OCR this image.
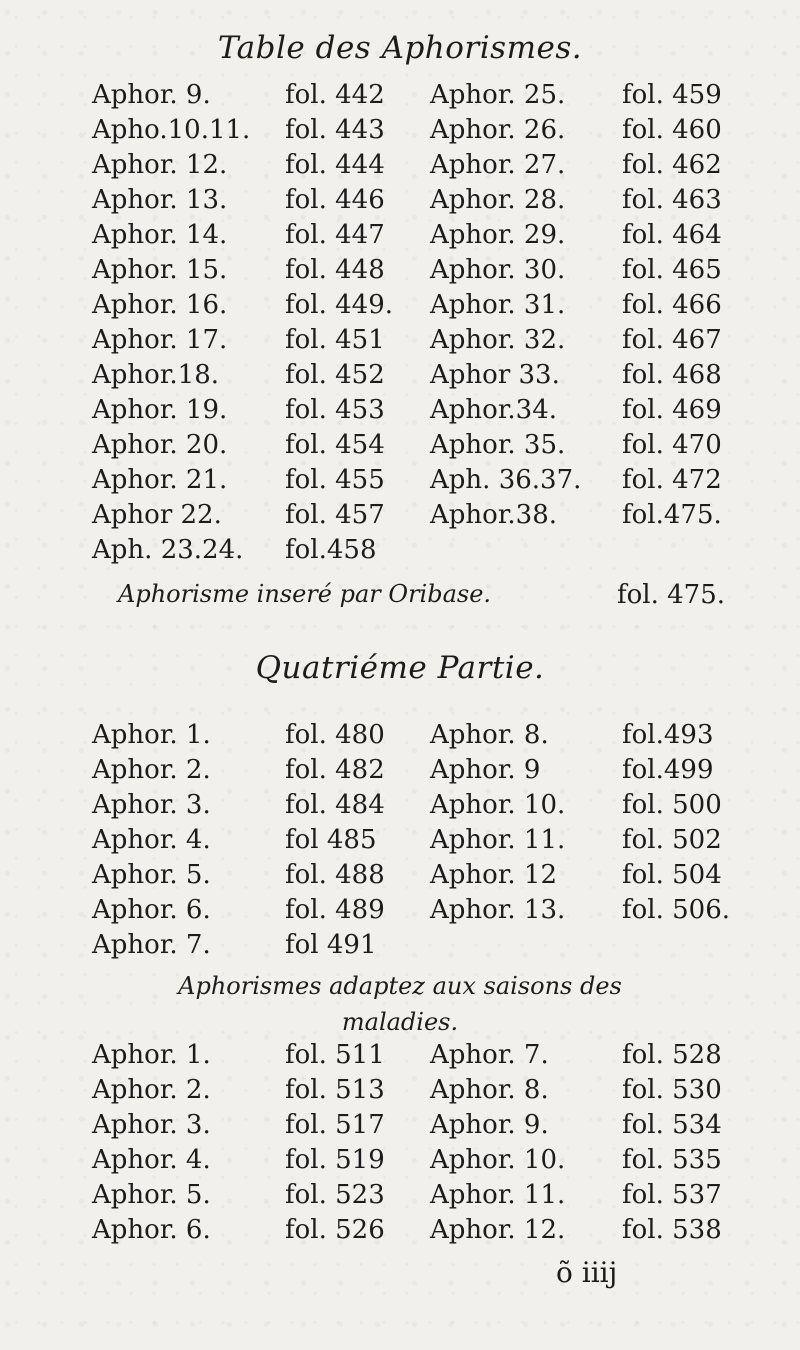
Table des Aphorismes.
Aphor. 9.	fol. 442 Aphor. 25. fol. 459
Apho.10.11. fol. 443 Aphor. 26. fol. 460
Aphor. 12. fol. 444 Aphor. 27. fol. 462
Aphor. 13. fol. 446 Aphor. 28. fol. 463
Aphor. 14. fol. 447 Aphor. 29. fol. 464
Aphor. 15. fol. 448 Aphor. 30. fol. 465
Aphor. 16. fol. 449. Aphor. 31. fol. 466
Aphor. 17. fol. 451 Aphor. 32. fol. 467
Aphor.18.	fol. 452 Aphor 33. fol. 468
Aphor. 19. fol. 453 Aphor.34. fol. 469
Aphor. 20. fol. 454 Aphor. 35. fol. 470
Aphor. 21. fol. 455 Aph. 36.37. fol. 472
Aphor 22. fol. 457 Aphor.38. fol.475.
Aph. 23.24. fol.458
Aphorisme inseré par Oribase.	fol. 475.
Quatriéme Partie.
Aphor. 1.	fol. 480 Aphor. 8.	fol.493
Aphor. 2.	fol. 482 Aphor. 9	fol.499
Aphor. 3.	fol. 484 Aphor. 10. fol. 500
Aphor. 4.	fol 485 Aphor. 11. fol. 502
Aphor. 5.	fol. 488 Aphor. 12 fol. 504
Aphor. 6.	fol. 489 Aphor. 13. fol. 506.
Aphor. 7.	fol 491
Aphorismes adaptez aux saisons des
maladies.
Aphor. 1.	fol. 511 Aphor. 7.	fol. 528
Aphor. 2.	fol. 513 Aphor. 8.	fol. 530
Aphor. 3.	fol. 517 Aphor. 9.	fol. 534
Aphor. 4.	fol. 519 Aphor. 10. fol. 535
Aphor. 5.	fol. 523 Aphor. 11. fol. 537
Aphor. 6.	fol. 526 Aphor. 12. fol. 538
õ iiij
